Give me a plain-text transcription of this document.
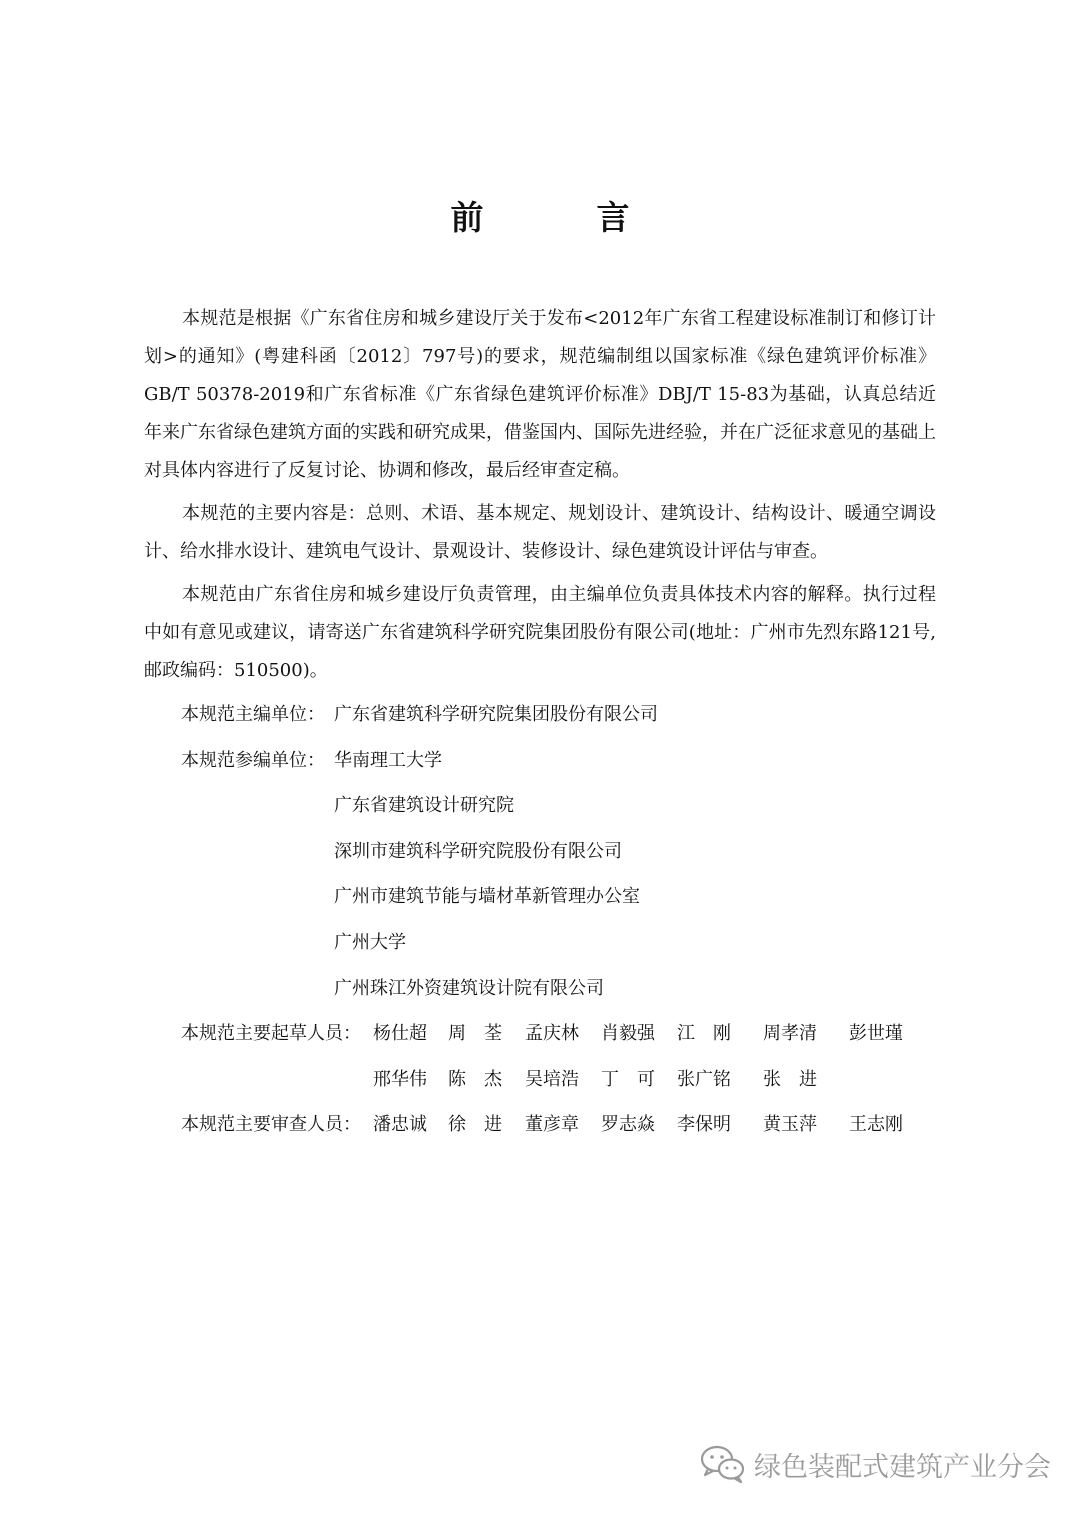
前　言

本规范是根据《广东省住房和城乡建设厅关于发布<2012年广东省工程建设标准制订和修订计划>的通知》(粤建科函〔2012〕797号)的要求，规范编制组以国家标准《绿色建筑评价标准》GB/T 50378-2019和广东省标准《广东省绿色建筑评价标准》DBJ/T 15-83为基础，认真总结近年来广东省绿色建筑方面的实践和研究成果，借鉴国内、国际先进经验，并在广泛征求意见的基础上对具体内容进行了反复讨论、协调和修改，最后经审查定稿。

本规范的主要内容是：总则、术语、基本规定、规划设计、建筑设计、结构设计、暖通空调设计、给水排水设计、建筑电气设计、景观设计、装修设计、绿色建筑设计评估与审查。

本规范由广东省住房和城乡建设厅负责管理，由主编单位负责具体技术内容的解释。执行过程中如有意见或建议，请寄送广东省建筑科学研究院集团股份有限公司(地址：广州市先烈东路121号,邮政编码：510500)。

本规范主编单位： 广东省建筑科学研究院集团股份有限公司
本规范参编单位： 华南理工大学
广东省建筑设计研究院
深圳市建筑科学研究院股份有限公司
广州市建筑节能与墙材革新管理办公室
广州大学
广州珠江外资建筑设计院有限公司
本规范主要起草人员： 杨仕超 周　荃 孟庆林 肖毅强 江　刚 周孝清 彭世瑾
邢华伟 陈　杰 吴培浩 丁　可 张广铭 张　进
本规范主要审查人员： 潘忠诚 徐　进 董彦章 罗志焱 李保明 黄玉萍 王志刚
绿色装配式建筑产业分会
